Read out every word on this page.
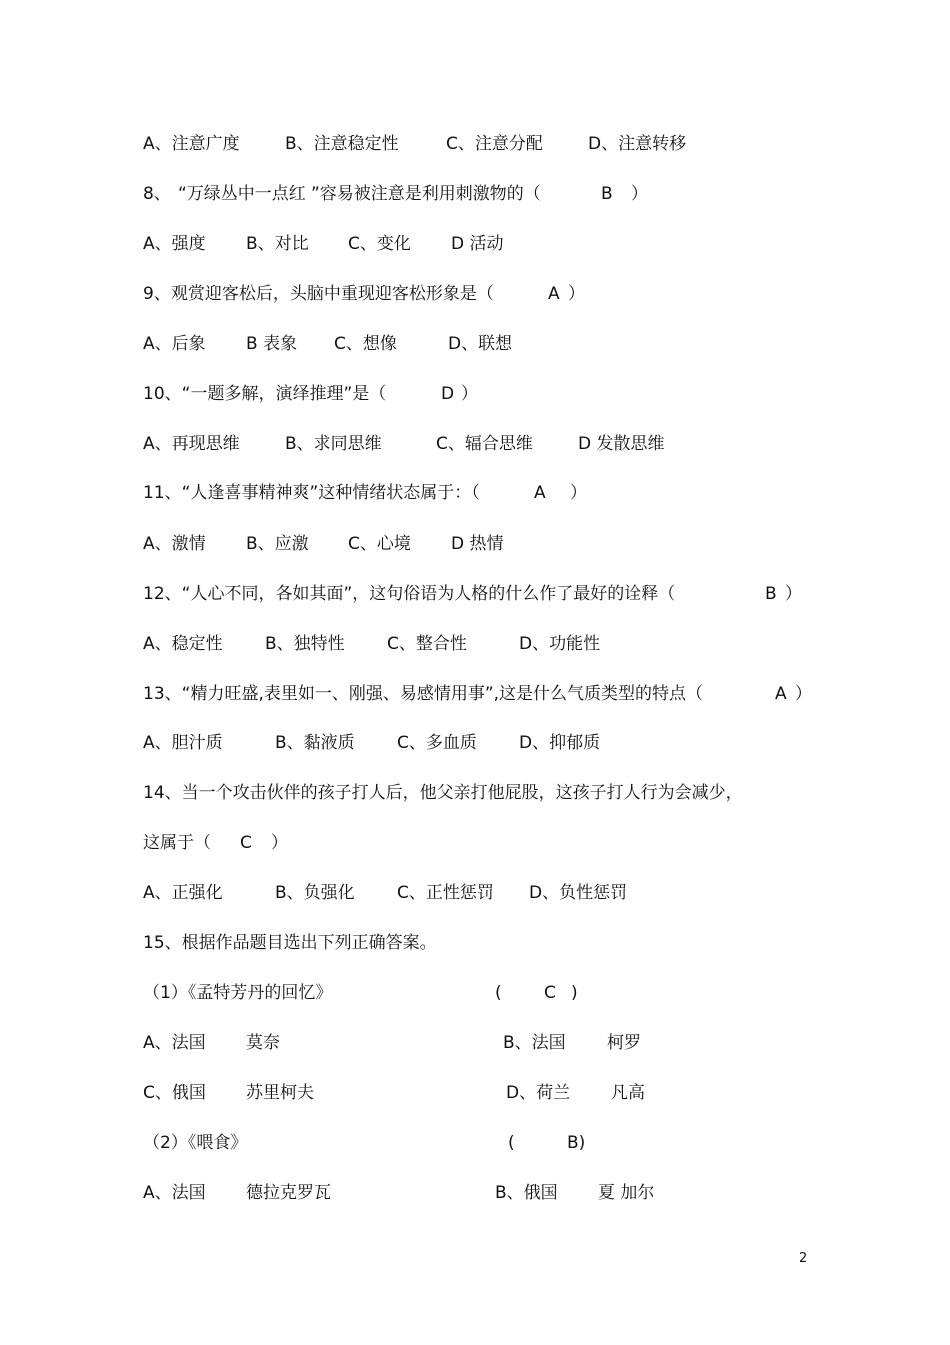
A、注意广度	B、注意稳定性	C、注意分配	D、注意转移
8、 “万绿丛中一点红 ”容易被注意是利用刺激物的（	B ）
A、强度 B、对比 C、变化 D 活动
9、观赏迎客松后，头脑中重现迎客松形象是（	A ）
A、后象 B 表象 C、想像	D、联想
10、“一题多解，演绎推理”是（	D ）
A、再现思维	B、求同思维	C、辐合思维	D 发散思维
11、“人逢喜事精神爽”这种情绪状态属于：（	A ）
A、激情 B、应激 C、心境 D 热情
12、“人心不同，各如其面”，这句俗语为人格的什么作了最好的诠释（	B ）
A、稳定性 B、独特性 C、整合性	D、功能性
13、“精力旺盛,表里如一、刚强、易感情用事”,这是什么气质类型的特点（	A ）
A、胆汁质	B、黏液质 C、多血质 D、抑郁质
14、当一个攻击伙伴的孩子打人后，他父亲打他屁股，这孩子打人行为会减少，
这属于（ C ）
A、正强化	B、负强化 C、正性惩罚 D、负性惩罚
15、根据作品题目选出下列正确答案。
（1）《孟特芳丹的回忆》	( C )
A、法国 莫奈	B、法国 柯罗
C、俄国 苏里柯夫	D、荷兰 凡高
（2）《喂食》	(	B)
A、法国 德拉克罗瓦	B、俄国 夏 加尔
2
